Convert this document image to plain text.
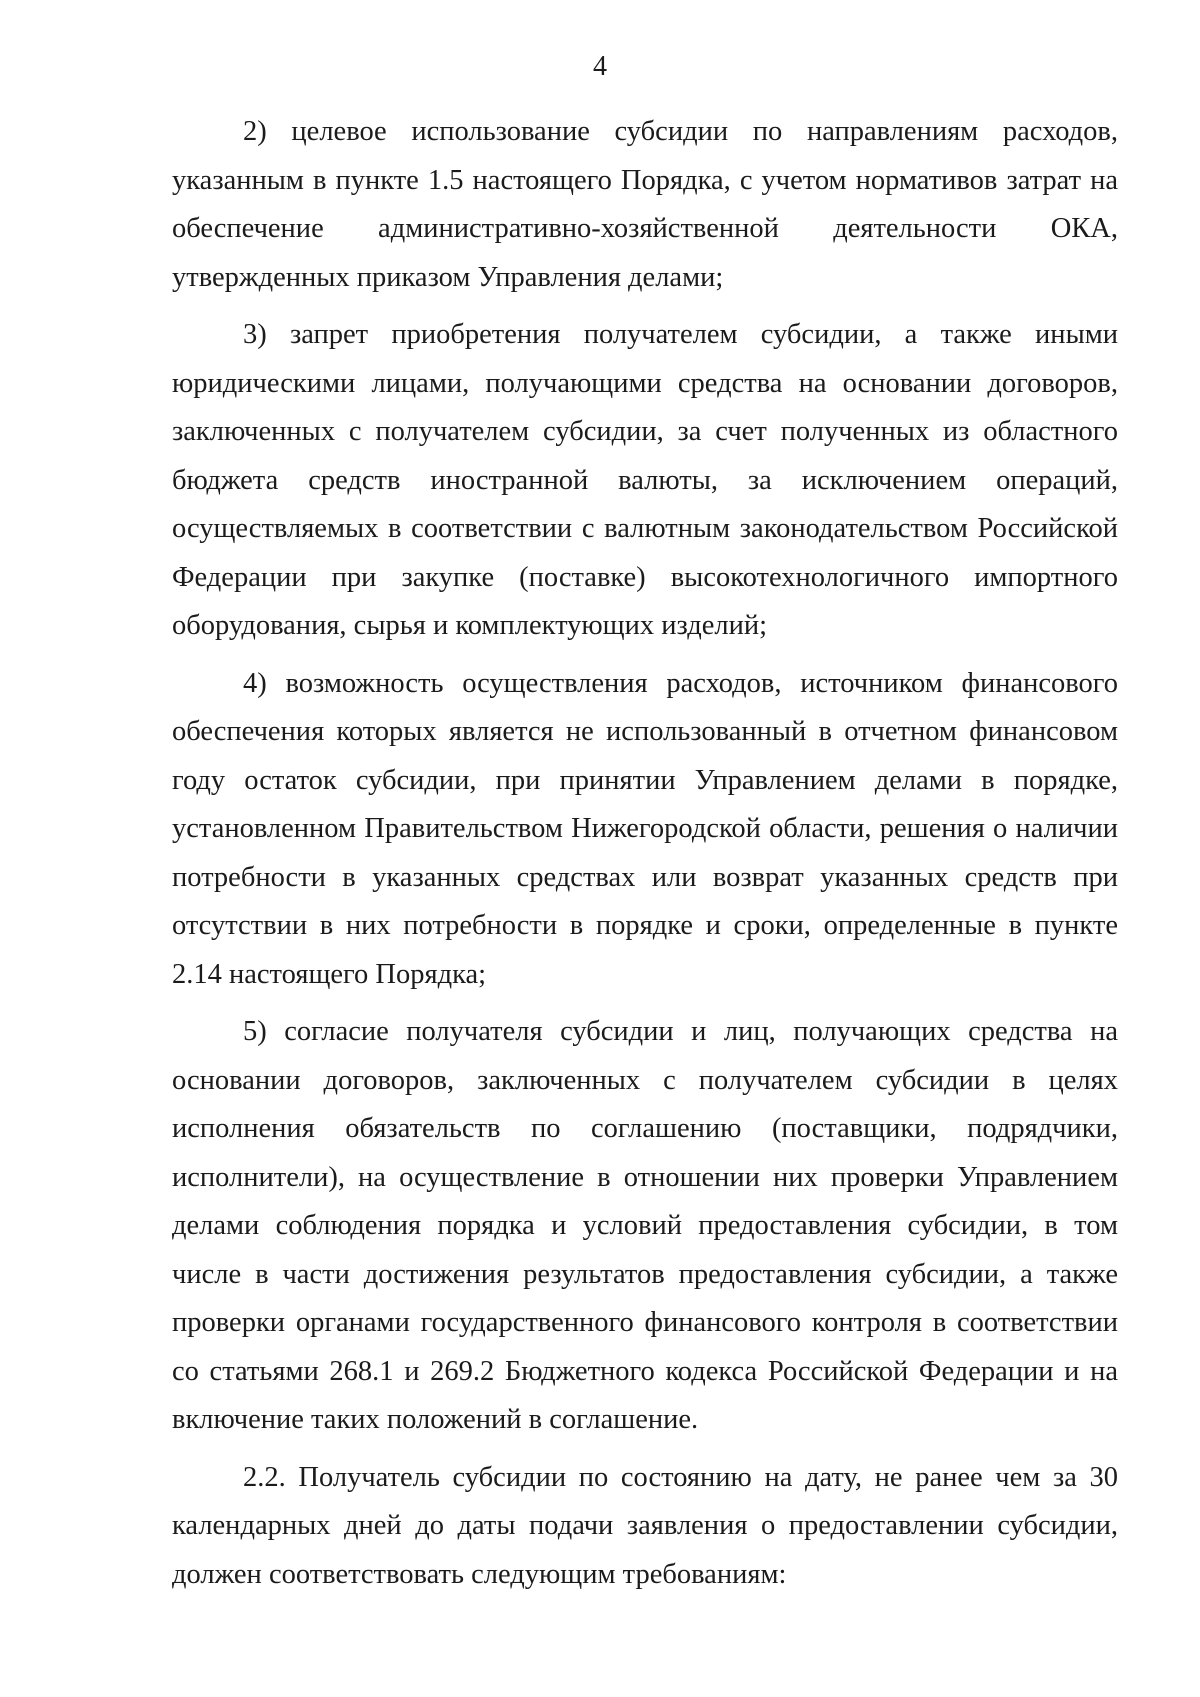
4

2) целевое использование субсидии по направлениям расходов, указанным в пункте 1.5 настоящего Порядка, с учетом нормативов затрат на обеспечение административно-хозяйственной деятельности ОКА, утвержденных приказом Управления делами;

3) запрет приобретения получателем субсидии, а также иными юридическими лицами, получающими средства на основании договоров, заключенных с получателем субсидии, за счет полученных из областного бюджета средств иностранной валюты, за исключением операций, осуществляемых в соответствии с валютным законодательством Российской Федерации при закупке (поставке) высокотехнологичного импортного оборудования, сырья и комплектующих изделий;

4) возможность осуществления расходов, источником финансового обеспечения которых является не использованный в отчетном финансовом году остаток субсидии, при принятии Управлением делами в порядке, установленном Правительством Нижегородской области, решения о наличии потребности в указанных средствах или возврат указанных средств при отсутствии в них потребности в порядке и сроки, определенные в пункте 2.14 настоящего Порядка;

5) согласие получателя субсидии и лиц, получающих средства на основании договоров, заключенных с получателем субсидии в целях исполнения обязательств по соглашению (поставщики, подрядчики, исполнители), на осуществление в отношении них проверки Управлением делами соблюдения порядка и условий предоставления субсидии, в том числе в части достижения результатов предоставления субсидии, а также проверки органами государственного финансового контроля в соответствии со статьями 268.1 и 269.2 Бюджетного кодекса Российской Федерации и на включение таких положений в соглашение.

2.2. Получатель субсидии по состоянию на дату, не ранее чем за 30 календарных дней до даты подачи заявления о предоставлении субсидии, должен соответствовать следующим требованиям:
